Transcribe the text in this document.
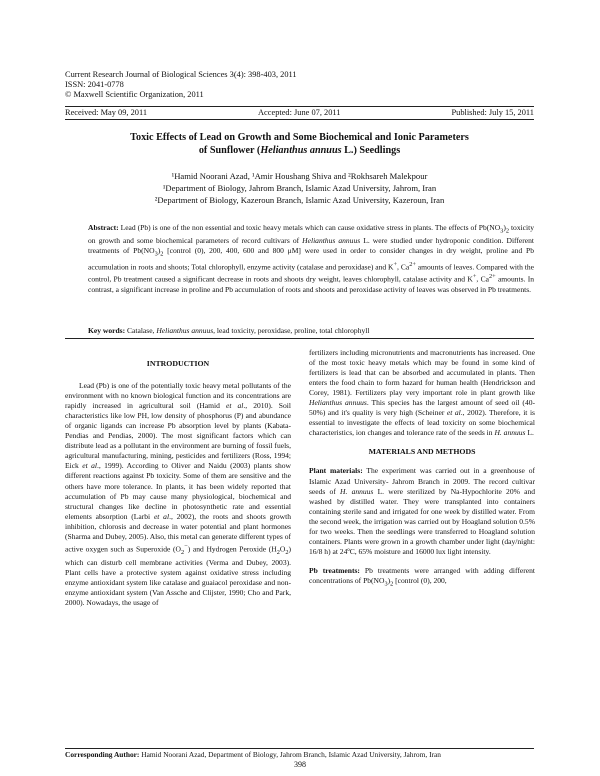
Current Research Journal of Biological Sciences 3(4): 398-403, 2011
ISSN: 2041-0778
© Maxwell Scientific Organization, 2011
Received: May 09, 2011	Accepted: June 07, 2011	Published: July 15, 2011
Toxic Effects of Lead on Growth and Some Biochemical and Ionic Parameters
of Sunflower (Helianthus annuus L.) Seedlings
¹Hamid Noorani Azad, ¹Amir Houshang Shiva and ²Rokhsareh Malekpour
¹Department of Biology, Jahrom Branch, Islamic Azad University, Jahrom, Iran
²Department of Biology, Kazeroun Branch, Islamic Azad University, Kazeroun, Iran
Abstract: Lead (Pb) is one of the non essential and toxic heavy metals which can cause oxidative stress in plants. The effects of $Pb(NO_3)_2$ toxicity on growth and some biochemical parameters of record cultivars of Helianthus annuus L. were studied under hydroponic condition. Different treatments of $Pb(NO_3)_2$ [control (0), 200, 400, 600 and 800 μM] were used in order to consider changes in dry weight, proline and Pb accumulation in roots and shoots; Total chlorophyll, enzyme activity (catalase and peroxidase) and K+, $Ca^{2+}$ amounts of leaves. Compared with the control, Pb treatment caused a significant decrease in roots and shoots dry weight, leaves chlorophyll, catalase activity and K+, $Ca^{2+}$ amounts. In contrast, a significant increase in proline and Pb accumulation of roots and shoots and peroxidase activity of leaves was observed in Pb treatments.
Key words: Catalase, Helianthus annuus, lead toxicity, peroxidase, proline, total chlorophyll
INTRODUCTION

Lead (Pb) is one of the potentially toxic heavy metal pollutants of the environment with no known biological function and its concentrations are rapidly increased in agricultural soil (Hamid et al., 2010). Soil characteristics like low PH, low density of phosphorus (P) and abundance of organic ligands can increase Pb absorption level by plants (Kabata-Pendias and Pendias, 2000). The most significant factors which can distribute lead as a pollutant in the environment are burning of fossil fuels, agricultural manufacturing, mining, pesticides and fertilizers (Ross, 1994; Eick et al., 1999). According to Oliver and Naidu (2003) plants show different reactions against Pb toxicity. Some of them are sensitive and the others have more tolerance. In plants, it has been widely reported that accumulation of Pb may cause many physiological, biochemical and structural changes like decline in photosynthetic rate and essential elements absorption (Larbi et al., 2002), the roots and shoots growth inhibition, chlorosis and decrease in water potential and plant hormones (Sharma and Dubey, 2005). Also, this metal can generate different types of active oxygen such as Superoxide $(O_2^-)$ and Hydrogen Peroxide $(H_2O_2)$ which can disturb cell membrane activities (Verma and Dubey, 2003). Plant cells have a protective system against oxidative stress including enzyme antioxidant system like catalase and guaiacol peroxidase and non-enzyme antioxidant system (Van Assche and Clijster, 1990; Cho and Park, 2000). Nowadays, the usage of

fertilizers including micronutrients and macronutrients has increased. One of the most toxic heavy metals which may be found in some kind of fertilizers is lead that can be absorbed and accumulated in plants. Then enters the food chain to form hazard for human health (Hendrickson and Corey, 1981). Fertilizers play very important role in plant growth like Helianthus annuus. This species has the largest amount of seed oil (40-50%) and it's quality is very high (Scheiner et al., 2002). Therefore, it is essential to investigate the effects of lead toxicity on some biochemical characteristics, ion changes and tolerance rate of the seeds in H. annuus L.

MATERIALS AND METHODS

Plant materials: The experiment was carried out in a greenhouse of Islamic Azad University- Jahrom Branch in 2009. The record cultivar seeds of H. annuus L. were sterilized by Na-Hypochlorite 20% and washed by distilled water. They were transplanted into containers containing sterile sand and irrigated for one week by distilled water. From the second week, the irrigation was carried out by Hoagland solution 0.5% for two weeks. Then the seedlings were transferred to Hoagland solution containers. Plants were grown in a growth chamber under light (day/night: 16/8 h) at 24ºC, 65% moisture and 16000 lux light intensity.

Pb treatments: Pb treatments were arranged with adding different concentrations of $Pb(NO_3)_2$ [control (0), 200,

Corresponding Author: Hamid Noorani Azad, Department of Biology, Jahrom Branch, Islamic Azad University, Jahrom, Iran
398
